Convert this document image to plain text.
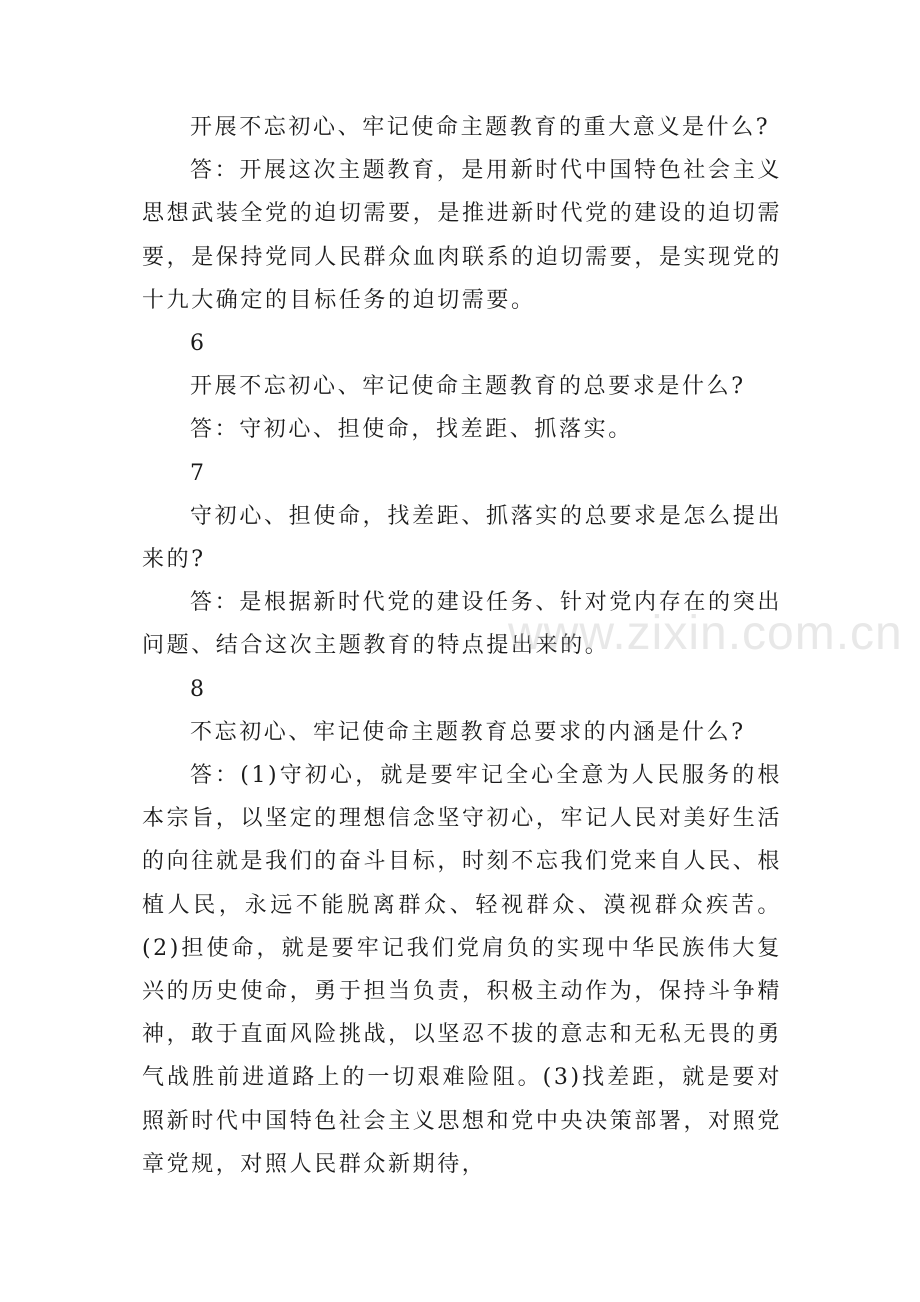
开展不忘初心、牢记使命主题教育的重大意义是什么?

答：开展这次主题教育，是用新时代中国特色社会主义思想武装全党的迫切需要，是推进新时代党的建设的迫切需要，是保持党同人民群众血肉联系的迫切需要，是实现党的十九大确定的目标任务的迫切需要。

6

开展不忘初心、牢记使命主题教育的总要求是什么?

答：守初心、担使命，找差距、抓落实。

7

守初心、担使命，找差距、抓落实的总要求是怎么提出来的?

答：是根据新时代党的建设任务、针对党内存在的突出问题、结合这次主题教育的特点提出来的。

8

不忘初心、牢记使命主题教育总要求的内涵是什么?

答：(1)守初心，就是要牢记全心全意为人民服务的根本宗旨，以坚定的理想信念坚守初心，牢记人民对美好生活的向往就是我们的奋斗目标，时刻不忘我们党来自人民、根植人民，永远不能脱离群众、轻视群众、漠视群众疾苦。(2)担使命，就是要牢记我们党肩负的实现中华民族伟大复兴的历史使命，勇于担当负责，积极主动作为，保持斗争精神，敢于直面风险挑战，以坚忍不拔的意志和无私无畏的勇气战胜前进道路上的一切艰难险阻。(3)找差距，就是要对照新时代中国特色社会主义思想和党中央决策部署，对照党章党规，对照人民群众新期待，

www.zixin.com.cn
